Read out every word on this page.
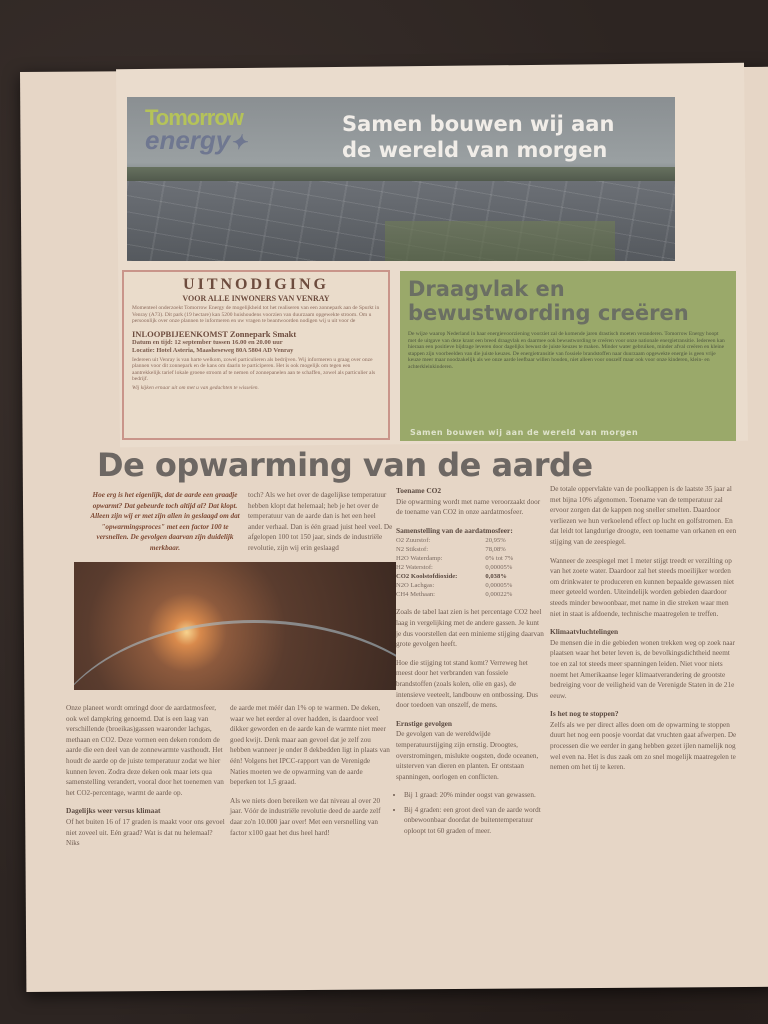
Tomorrow
energy✦
Samen bouwen wij aan
de wereld van morgen
UITNODIGING
VOOR ALLE INWONERS VAN VENRAY

Momenteel onderzoekt Tomorrow Energy de mogelijkheid tot het realiseren van een zonnepark aan de Spurkt in Venray (A73). Dit park (19 hectare) kan 5200 huishoudens voorzien van duurzaam opgewekte stroom. Om u persoonlijk over onze plannen te informeren en uw vragen te beantwoorden nodigen wij u uit voor de

INLOOPBIJEENKOMST Zonnepark Smakt
Datum en tijd: 12 september tussen 16.00 en 20.00 uur
Locatie: Hotel Asteria, Maasheseweg 80A 5804 AD Venray

Iedereen uit Venray is van harte welkom, zowel particulieren als bedrijven. Wij informeren u graag over onze plannen voor dit zonnepark en de kans om daarin te participeren. Het is ook mogelijk om tegen een aantrekkelijk tarief lokale groene stroom af te nemen of zonnepanelen aan te schaffen, zowel als particulier als bedrijf.

Wij kijken ernaar uit om met u van gedachten te wisselen.

Draagvlak en bewustwording creëren

De wijze waarop Nederland in haar energievoorziening voorziet zal de komende jaren drastisch moeten veranderen. Tomorrow Energy hoopt met de uitgave van deze krant een breed draagvlak en daarmee ook bewustwording te creëren voor onze nationale energietransitie. Iedereen kan hieraan een positieve bijdrage leveren door dagelijks bewust de juiste keuzes te maken. Minder water gebruiken, minder afval creëren en kleine stappen zijn voorbeelden van die juiste keuzes. De energietransitie van fossiele brandstoffen naar duurzaam opgewekte energie is geen vrije keuze meer maar noodzakelijk als we onze aarde leefbaar willen houden, niet alleen voor onszelf maar ook voor onze kinderen, klein- en achterkleinkinderen.

Samen bouwen wij aan de wereld van morgen
De opwarming van de aarde

Hoe erg is het eigenlijk, dat de aarde een graadje opwarmt? Dat gebeurde toch altijd al? Dat klopt. Alleen zijn wij er met zijn allen in geslaagd om dat "opwarmingsproces" met een factor 100 te versnellen. De gevolgen daarvan zijn duidelijk merkbaar.

toch? Als we het over de dagelijkse temperatuur hebben klopt dat helemaal; heb je het over de temperatuur van de aarde dan is het een heel ander verhaal. Dan is één graad juist heel veel. De afgelopen 100 tot 150 jaar, sinds de industriële revolutie, zijn wij erin geslaagd

Onze planeet wordt omringd door de aardatmosfeer, ook wel dampkring genoemd. Dat is een laag van verschillende (broeikas)gassen waaronder lachgas, methaan en CO2. Deze vormen een deken rondom de aarde die een deel van de zonnewarmte vasthoudt. Het houdt de aarde op de juiste temperatuur zodat we hier kunnen leven. Zodra deze deken ook maar iets qua samenstelling verandert, vooral door het toenemen van het CO2-percentage, warmt de aarde op.

Dagelijks weer versus klimaat

Of het buiten 16 of 17 graden is maakt voor ons gevoel niet zoveel uit. Eén graad? Wat is dat nu helemaal? Niks

de aarde met méér dan 1% op te warmen. De deken, waar we het eerder al over hadden, is daardoor veel dikker geworden en de aarde kan de warmte niet meer goed kwijt. Denk maar aan gevoel dat je zelf zou hebben wanneer je onder 8 dekbedden ligt in plaats van één! Volgens het IPCC-rapport van de Verenigde Naties moeten we de opwarming van de aarde beperken tot 1,5 graad.

Als we niets doen bereiken we dat niveau al over 20 jaar. Vóór de industriële revolutie deed de aarde zelf daar zo'n 10.000 jaar over! Met een versnelling van factor x100 gaat het dus heel hard!

Toename CO2

Die opwarming wordt met name veroorzaakt door de toename van CO2 in onze aardatmosfeer.

Samenstelling van de aardatmosfeer:
O2 Zuurstof:	20,95%
N2 Stikstof:	78,08%
H2O Waterdamp:	0% tot 7%
H2 Waterstof:	0,00005%
CO2 Koolstofdioxide:	0,038%
N2O Lachgas:	0,00005%
CH4 Methaan:	0,00022%

Zoals de tabel laat zien is het percentage CO2 heel laag in vergelijking met de andere gassen. Je kunt je dus voorstellen dat een minieme stijging daarvan grote gevolgen heeft.

Hoe die stijging tot stand komt? Verreweg het meest door het verbranden van fossiele brandstoffen (zoals kolen, olie en gas), de intensieve veeteelt, landbouw en ontbossing. Dus door toedoen van onszelf, de mens.

Ernstige gevolgen

De gevolgen van de wereldwijde temperatuurstijging zijn ernstig. Droogtes, overstromingen, mislukte oogsten, dode oceanen, uitsterven van dieren en planten. Er ontstaan spanningen, oorlogen en conflicten.

• Bij 1 graad: 20% minder oogst van gewassen.
• Bij 4 graden: een groot deel van de aarde wordt onbewoonbaar doordat de buitentemperatuur oploopt tot 60 graden of meer.

De totale oppervlakte van de poolkappen is de laatste 35 jaar al met bijna 10% afgenomen. Toename van de temperatuur zal ervoor zorgen dat de kappen nog sneller smelten. Daardoor verliezen we hun verkoelend effect op lucht en golfstromen. En dat leidt tot langdurige droogte, een toename van orkanen en een stijging van de zeespiegel.

Wanneer de zeespiegel met 1 meter stijgt treedt er verzilting op van het zoete water. Daardoor zal het steeds moeilijker worden om drinkwater te produceren en kunnen bepaalde gewassen niet meer geteeld worden. Uiteindelijk worden gebieden daardoor steeds minder bewoonbaar, met name in die streken waar men niet in staat is afdoende, technische maatregelen te treffen.

Klimaatvluchtelingen

De mensen die in die gebieden wonen trekken weg op zoek naar plaatsen waar het beter leven is, de bevolkingsdichtheid neemt toe en zal tot steeds meer spanningen leiden. Niet voor niets noemt het Amerikaanse leger klimaatverandering de grootste bedreiging voor de veiligheid van de Verenigde Staten in de 21e eeuw.

Is het nog te stoppen?

Zelfs als we per direct alles doen om de opwarming te stoppen duurt het nog een poosje voordat dat vruchten gaat afwerpen. De processen die we eerder in gang hebben gezet ijlen namelijk nog wel even na. Het is dus zaak om zo snel mogelijk maatregelen te nemen om het tij te keren.
